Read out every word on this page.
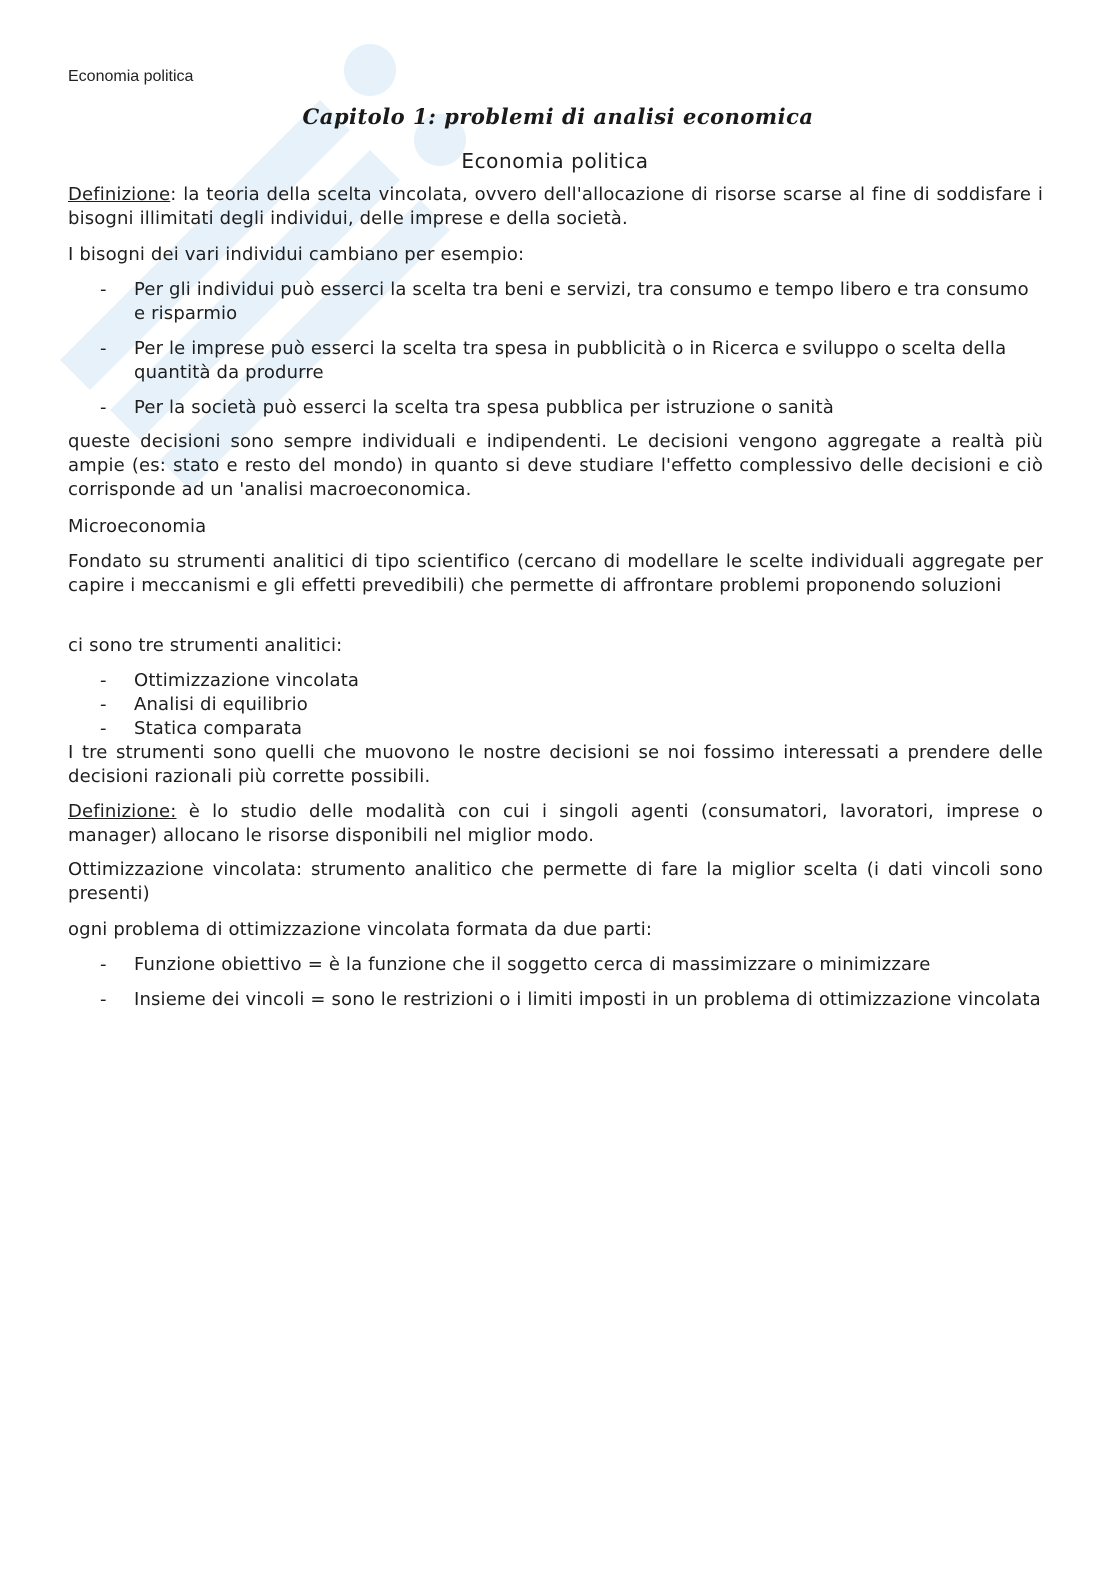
Economia politica
Capitolo 1: problemi di analisi economica
Economia politica
Definizione: la teoria della scelta vincolata, ovvero dell'allocazione di risorse scarse al fine di soddisfare i bisogni illimitati degli individui, delle imprese e della società.
I bisogni dei vari individui cambiano per esempio:
- Per gli individui può esserci la scelta tra beni e servizi, tra consumo e tempo libero e tra consumo e risparmio
- Per le imprese può esserci la scelta tra spesa in pubblicità o in Ricerca e sviluppo o scelta della quantità da produrre
- Per la società può esserci la scelta tra spesa pubblica per istruzione o sanità
queste decisioni sono sempre individuali e indipendenti. Le decisioni vengono aggregate a realtà più ampie (es: stato e resto del mondo) in quanto si deve studiare l'effetto complessivo delle decisioni e ciò corrisponde ad un 'analisi macroeconomica.
Microeconomia
Fondato su strumenti analitici di tipo scientifico (cercano di modellare le scelte individuali aggregate per capire i meccanismi e gli effetti prevedibili) che permette di affrontare problemi proponendo soluzioni
ci sono tre strumenti analitici:
- Ottimizzazione vincolata
- Analisi di equilibrio
- Statica comparata
I tre strumenti sono quelli che muovono le nostre decisioni se noi fossimo interessati a prendere delle decisioni razionali più corrette possibili.
Definizione: è lo studio delle modalità con cui i singoli agenti (consumatori, lavoratori, imprese o manager) allocano le risorse disponibili nel miglior modo.
Ottimizzazione vincolata: strumento analitico che permette di fare la miglior scelta (i dati vincoli sono presenti)
ogni problema di ottimizzazione vincolata formata da due parti:
- Funzione obiettivo = è la funzione che il soggetto cerca di massimizzare o minimizzare
- Insieme dei vincoli = sono le restrizioni o i limiti imposti in un problema di ottimizzazione vincolata
